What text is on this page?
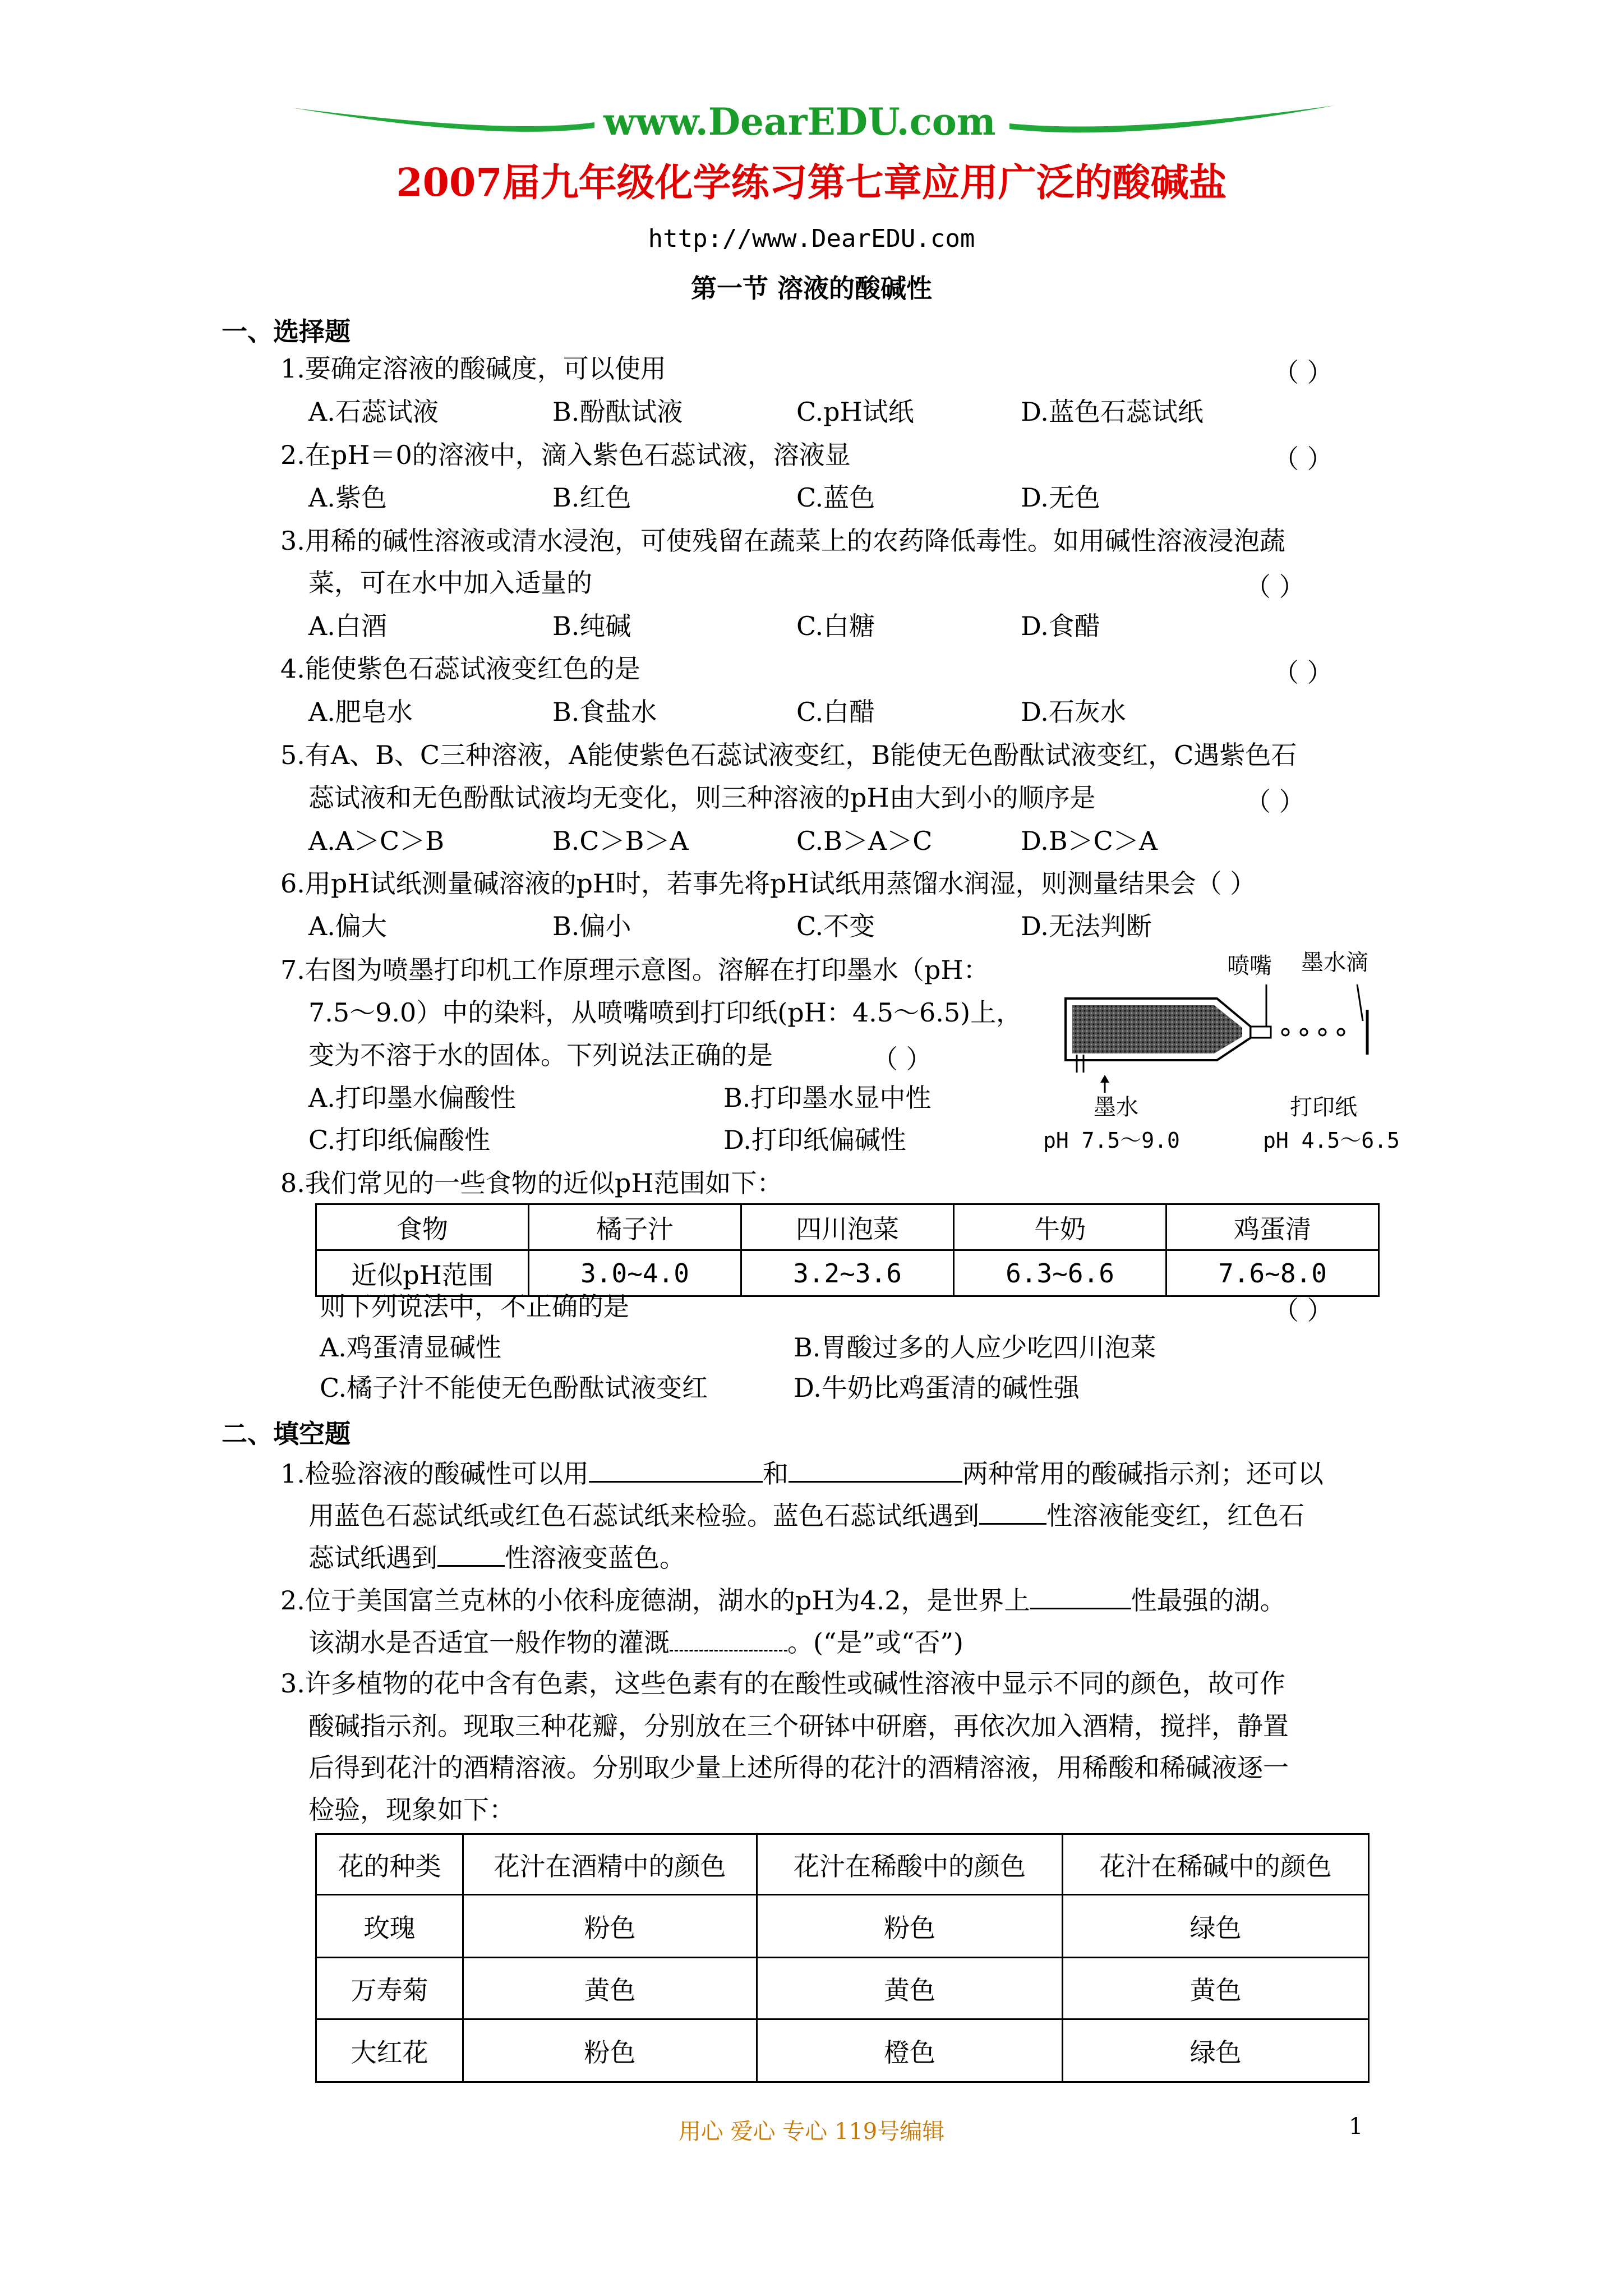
www.DearEDU.com
2007届九年级化学练习第七章应用广泛的酸碱盐
http://www.DearEDU.com
第一节 溶液的酸碱性
一、选择题
1.要确定溶液的酸碱度，可以使用	（ ）
A.石蕊试液	B.酚酞试液	C.pH试纸	D.蓝色石蕊试纸
2.在pH＝0的溶液中，滴入紫色石蕊试液，溶液显	（ ）
A.紫色	B.红色	C.蓝色	D.无色
3.用稀的碱性溶液或清水浸泡，可使残留在蔬菜上的农药降低毒性。如用碱性溶液浸泡蔬
菜，可在水中加入适量的	（ ）
A.白酒	B.纯碱	C.白糖	D.食醋
4.能使紫色石蕊试液变红色的是	（ ）
A.肥皂水	B.食盐水	C.白醋	D.石灰水
5.有A、B、C三种溶液，A能使紫色石蕊试液变红，B能使无色酚酞试液变红，C遇紫色石
蕊试液和无色酚酞试液均无变化，则三种溶液的pH由大到小的顺序是	（ ）
A.A＞C＞B	B.C＞B＞A	C.B＞A＞C	D.B＞C＞A
6.用pH试纸测量碱溶液的pH时，若事先将pH试纸用蒸馏水润湿，则测量结果会（ ）
A.偏大	B.偏小	C.不变	D.无法判断
7.右图为喷墨打印机工作原理示意图。溶解在打印墨水（pH：
7.5～9.0）中的染料，从喷嘴喷到打印纸(pH：4.5～6.5)上，
变为不溶于水的固体。下列说法正确的是	（ ）
A.打印墨水偏酸性	B.打印墨水显中性
C.打印纸偏酸性	D.打印纸偏碱性
喷嘴 墨水滴
墨水	打印纸
pH 7.5～9.0	pH 4.5～6.5
8.我们常见的一些食物的近似pH范围如下：
食物	橘子汁	四川泡菜	牛奶	鸡蛋清
近似pH范围	3.0~4.0	3.2~3.6	6.3~6.6	7.6~8.0
则下列说法中，不正确的是	（ ）
A.鸡蛋清显碱性	B.胃酸过多的人应少吃四川泡菜
C.橘子汁不能使无色酚酞试液变红	D.牛奶比鸡蛋清的碱性强
二、填空题
1.检验溶液的酸碱性可以用	和	两种常用的酸碱指示剂；还可以
用蓝色石蕊试纸或红色石蕊试纸来检验。蓝色石蕊试纸遇到	性溶液能变红，红色石
蕊试纸遇到	性溶液变蓝色。
2.位于美国富兰克林的小依科庞德湖，湖水的pH为4.2，是世界上	性最强的湖。
该湖水是否适宜一般作物的灌溉	。(“是”或“否”)
3.许多植物的花中含有色素，这些色素有的在酸性或碱性溶液中显示不同的颜色，故可作
酸碱指示剂。现取三种花瓣，分别放在三个研钵中研磨，再依次加入酒精，搅拌，静置
后得到花汁的酒精溶液。分别取少量上述所得的花汁的酒精溶液，用稀酸和稀碱液逐一
检验，现象如下：
花的种类	花汁在酒精中的颜色	花汁在稀酸中的颜色	花汁在稀碱中的颜色
玫瑰	粉色	粉色	绿色
万寿菊	黄色	黄色	黄色
大红花	粉色	橙色	绿色
用心 爱心 专心 119号编辑	1
